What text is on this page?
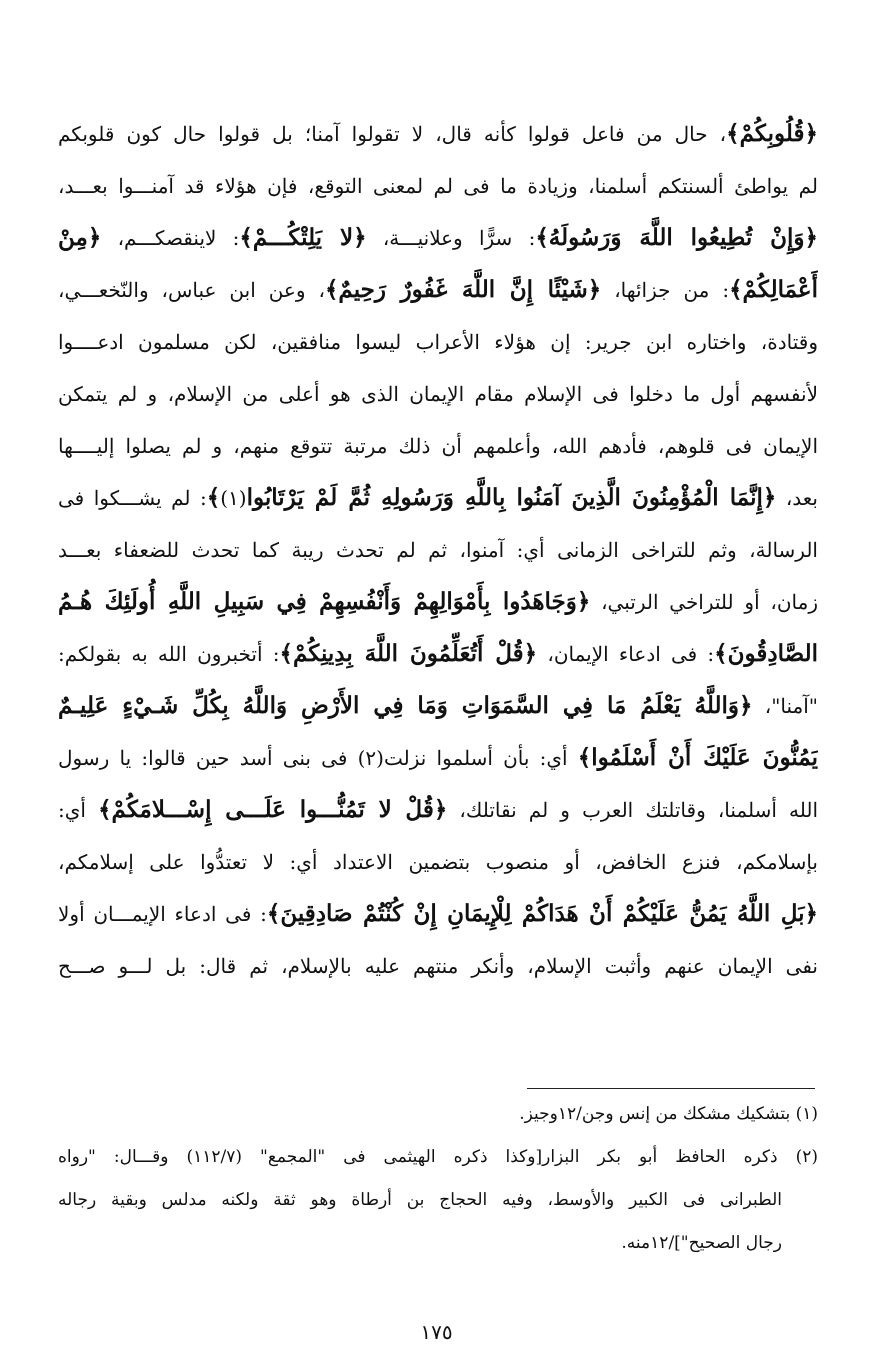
﴿قُلُوبِكُمْ﴾، حال من فاعل قولوا كأنه قال، لا تقولوا آمنا؛ بل قولوا حال كون قلوبكم
لم يواطئ ألسنتكم أسلمنا، وزيادة ما فى لم لمعنى التوقع، فإن هؤلاء قد آمنـــوا بعـــد،
﴿وَإِنْ تُطِيعُوا اللَّهَ وَرَسُولَهُ﴾: سرًّا وعلانيـــة، ﴿لا يَلِتْكُـــمْ﴾: لاينقصكـــم، ﴿مِنْ
أَعْمَالِكُمْ﴾: من جزائها، ﴿شَيْئًا إِنَّ اللَّهَ غَفُورٌ رَحِيمٌ﴾، وعن ابن عباس، والنّخعـــي،
وقتادة، واختاره ابن جرير: إن هؤلاء الأعراب ليسوا منافقين، لكن مسلمون ادعــــوا
لأنفسهم أول ما دخلوا فى الإسلام مقام الإيمان الذى هو أعلى من الإسلام، و لم يتمكن
الإيمان فى قلوهم، فأدهم الله، وأعلمهم أن ذلك مرتبة تتوقع منهم، و لم يصلوا إليــــها
بعد، ﴿إِنَّمَا الْمُؤْمِنُونَ الَّذِينَ آمَنُوا بِاللَّهِ وَرَسُولِهِ ثُمَّ لَمْ يَرْتَابُوا(١)﴾: لم يشـــكوا فى
الرسالة، وثم للتراخى الزمانى أي: آمنوا، ثم لم تحدث ريبة كما تحدث للضعفاء بعـــد
زمان، أو للتراخي الرتبي، ﴿وَجَاهَدُوا بِأَمْوَالِهِمْ وَأَنْفُسِهِمْ فِي سَبِيلِ اللَّهِ أُولَئِكَ هُـمُ
الصَّادِقُونَ﴾: فى ادعاء الإيمان، ﴿قُلْ أَتُعَلِّمُونَ اللَّهَ بِدِينِكُمْ﴾: أتخبرون الله به بقولكم:
"آمنا"، ﴿وَاللَّهُ يَعْلَمُ مَا فِي السَّمَوَاتِ وَمَا فِي الأَرْضِ وَاللَّهُ بِكُلِّ شَـيْءٍ عَلِيـمٌ
يَمُنُّونَ عَلَيْكَ أَنْ أَسْلَمُوا﴾ أي: بأن أسلموا نزلت(٢) فى بنى أسد حين قالوا: يا رسول
الله أسلمنا، وقاتلتك العرب و لم نقاتلك، ﴿قُلْ لا تَمُنُّـــوا عَلَـــى إِسْـــلامَكُمْ﴾ أي:
بإسلامكم، فنزع الخافض، أو منصوب بتضمين الاعتداد أي: لا تعتدُّوا على إسلامكم،
﴿بَلِ اللَّهُ يَمُنُّ عَلَيْكُمْ أَنْ هَدَاكُمْ لِلْإِيمَانِ إِنْ كُنْتُمْ صَادِقِينَ﴾: فى ادعاء الإيمـــان أولا
نفى الإيمان عنهم وأثبت الإسلام، وأنكر منتهم عليه بالإسلام، ثم قال: بل لـــو صـــح
(١) بتشكيك مشكك من إنس وجن/١٢وجيز.
(٢) ذكره الحافظ أبو بكر البزار[وكذا ذكره الهيثمى فى "المجمع" (١١٢/٧) وقـــال: "رواه
الطبرانى فى الكبير والأوسط، وفيه الحجاج بن أرطاة وهو ثقة ولكنه مدلس وبقية رجاله
رجال الصحيح"]/١٢منه.
١٧٥
